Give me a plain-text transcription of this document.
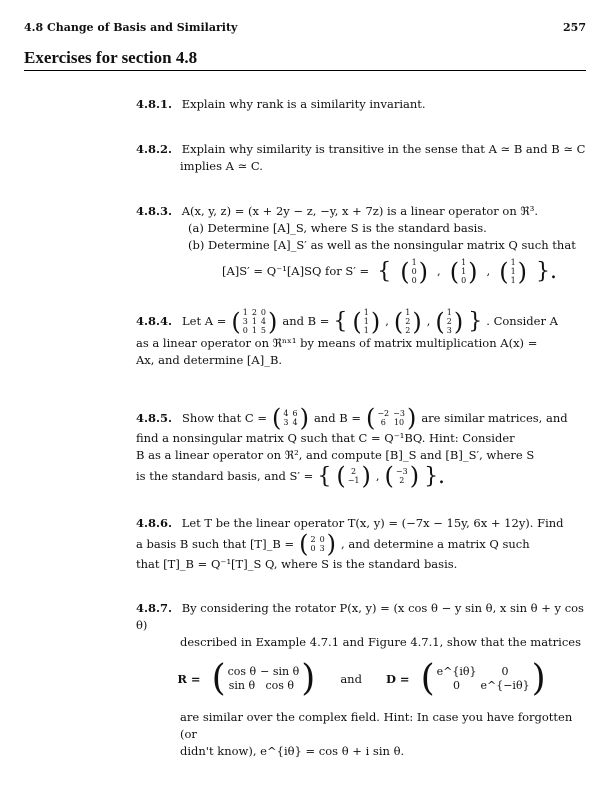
4.8 Change of Basis and Similarity	257
Exercises for section 4.8
4.8.1. Explain why rank is a similarity invariant.
4.8.2. Explain why similarity is transitive in the sense that A ≃ B and B ≃ C
implies A ≃ C.
4.8.3. A(x, y, z) = (x + 2y − z, −y, x + 7z) is a linear operator on ℜ³.
(a) Determine [A]_S, where S is the standard basis.
(b) Determine [A]_S′ as well as the nonsingular matrix Q such that
[A]S′ = Q⁻¹[A]SQ for S′ = { ( 1
0
0 ) , ( 1
1
0 ) , ( 1
1
1 ) }.
4.8.4. Let A = ( 1	2	0
3	1	4
0	1	5 ) and B = { ( 1
1
1 ) , ( 1
2
2 ) , ( 1
2
3 ) } . Consider A
as a linear operator on ℜⁿˣ¹ by means of matrix multiplication A(x) =
Ax, and determine [A]_B.
4.8.5. Show that C = ( 4	6
3	4 ) and B = ( −2	−3
6	10 ) are similar matrices, and
find a nonsingular matrix Q such that C = Q⁻¹BQ. Hint: Consider
B as a linear operator on ℜ², and compute [B]_S and [B]_S′, where S
is the standard basis, and S′ = { ( 2
−1 ) , ( −3
2 ) }.
4.8.6. Let T be the linear operator T(x, y) = (−7x − 15y, 6x + 12y). Find
a basis B such that [T]_B = ( 2	0
0	3 ) , and determine a matrix Q such
that [T]_B = Q⁻¹[T]_S Q, where S is the standard basis.
4.8.7. By considering the rotator P(x, y) = (x cos θ − y sin θ, x sin θ + y cos θ)
described in Example 4.7.1 and Figure 4.7.1, show that the matrices
R = ( cos θ	− sin θ
sin θ	cos θ ) and D = ( e^{iθ}	0
0	e^{−iθ} )
are similar over the complex field. Hint: In case you have forgotten (or
didn't know), e^{iθ} = cos θ + i sin θ.
